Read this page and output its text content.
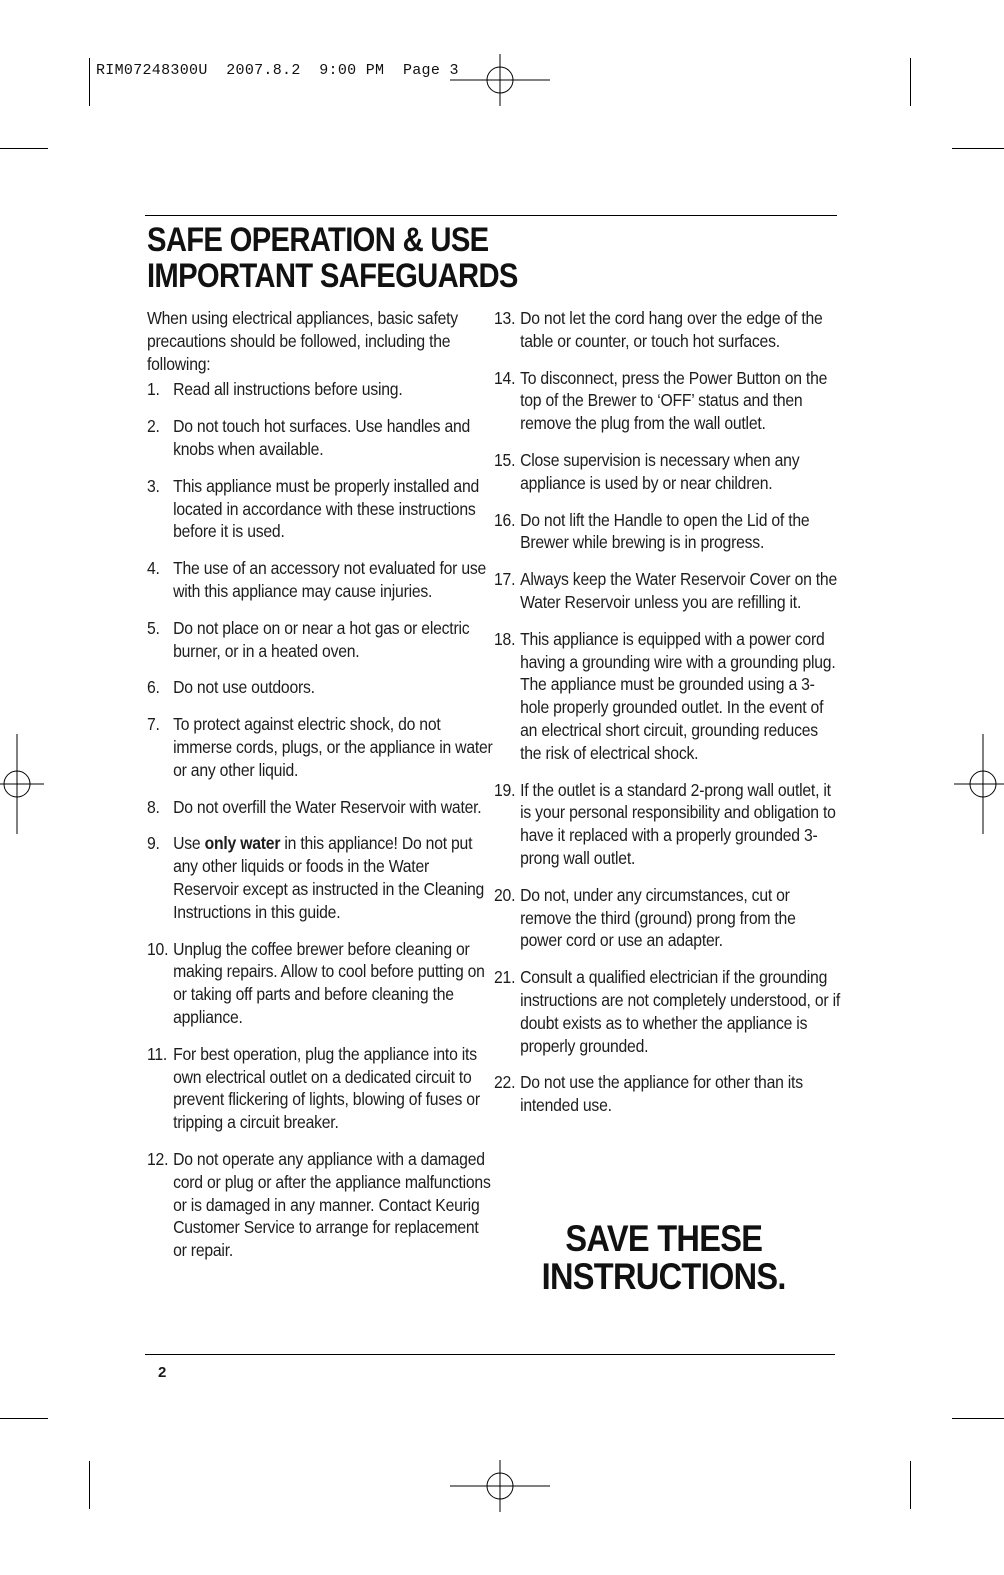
RIM07248300U  2007.8.2  9:00 PM  Page 3
SAFE OPERATION & USE
IMPORTANT SAFEGUARDS

When using electrical appliances, basic safety precautions should be followed, including the following:

1. Read all instructions before using.
2. Do not touch hot surfaces. Use handles and knobs when available.
3. This appliance must be properly installed and located in accordance with these instructions before it is used.
4. The use of an accessory not evaluated for use with this appliance may cause injuries.
5. Do not place on or near a hot gas or electric burner, or in a heated oven.
6. Do not use outdoors.
7. To protect against electric shock, do not immerse cords, plugs, or the appliance in water or any other liquid.
8. Do not overfill the Water Reservoir with water.
9. Use only water in this appliance! Do not put any other liquids or foods in the Water Reservoir except as instructed in the Cleaning Instructions in this guide.
10. Unplug the coffee brewer before cleaning or making repairs. Allow to cool before putting on or taking off parts and before cleaning the appliance.
11. For best operation, plug the appliance into its own electrical outlet on a dedicated circuit to prevent flickering of lights, blowing of fuses or tripping a circuit breaker.
12. Do not operate any appliance with a damaged cord or plug or after the appliance malfunctions or is damaged in any manner. Contact Keurig Customer Service to arrange for replacement or repair.
13. Do not let the cord hang over the edge of the table or counter, or touch hot surfaces.
14. To disconnect, press the Power Button on the top of the Brewer to ‘OFF’ status and then remove the plug from the wall outlet.
15. Close supervision is necessary when any appliance is used by or near children.
16. Do not lift the Handle to open the Lid of the Brewer while brewing is in progress.
17. Always keep the Water Reservoir Cover on the Water Reservoir unless you are refilling it.
18. This appliance is equipped with a power cord having a grounding wire with a grounding plug. The appliance must be grounded using a 3-hole properly grounded outlet. In the event of an electrical short circuit, grounding reduces the risk of electrical shock.
19. If the outlet is a standard 2-prong wall outlet, it is your personal responsibility and obligation to have it replaced with a properly grounded 3-prong wall outlet.
20. Do not, under any circumstances, cut or remove the third (ground) prong from the power cord or use an adapter.
21. Consult a qualified electrician if the grounding instructions are not completely understood, or if doubt exists as to whether the appliance is properly grounded.
22. Do not use the appliance for other than its intended use.
SAVE THESE
INSTRUCTIONS.
2
